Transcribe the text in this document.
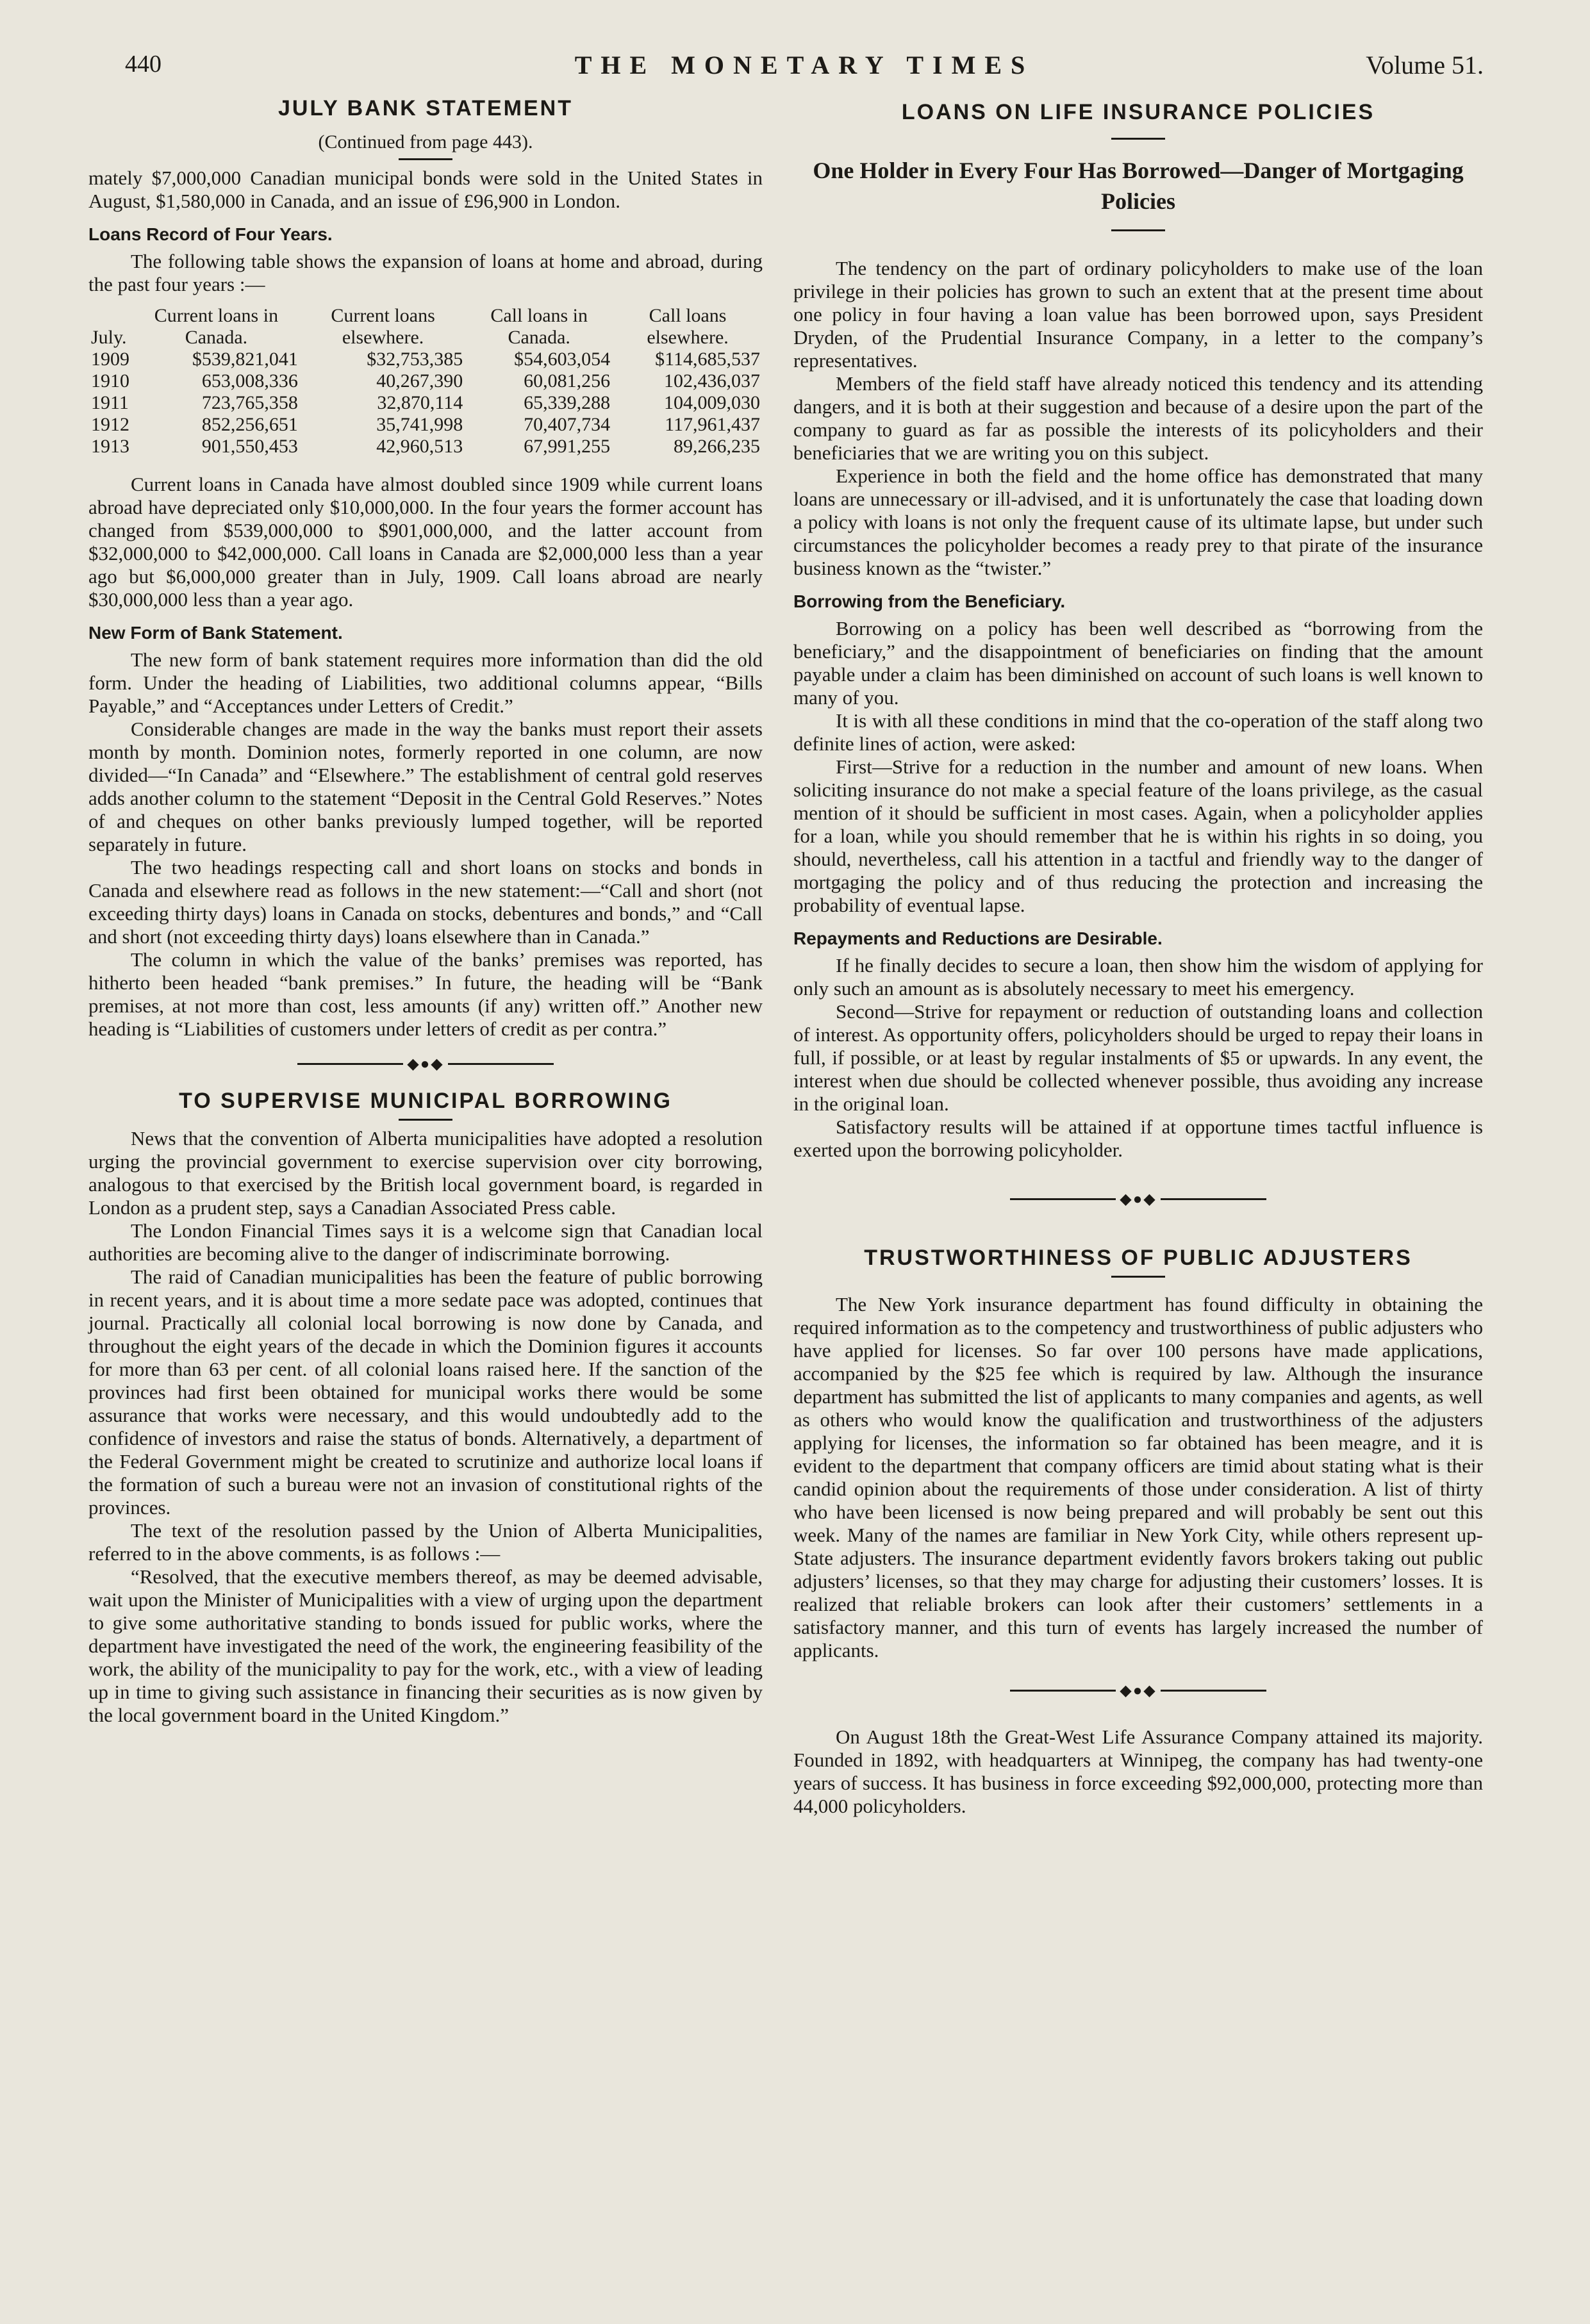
440	THE MONETARY TIMES	Volume 51.
JULY BANK STATEMENT
(Continued from page 443).

mately $7,000,000 Canadian municipal bonds were sold in the United States in August, $1,580,000 in Canada, and an issue of £96,900 in London.

Loans Record of Four Years.

The following table shows the expansion of loans at home and abroad, during the past four years :—

July.	Current loans in Canada.	Current loans elsewhere.	Call loans in Canada.	Call loans elsewhere.
1909	$539,821,041	$32,753,385	$54,603,054	$114,685,537
1910	653,008,336	40,267,390	60,081,256	102,436,037
1911	723,765,358	32,870,114	65,339,288	104,009,030
1912	852,256,651	35,741,998	70,407,734	117,961,437
1913	901,550,453	42,960,513	67,991,255	89,266,235

Current loans in Canada have almost doubled since 1909 while current loans abroad have depreciated only $10,000,000. In the four years the former account has changed from $539,000,000 to $901,000,000, and the latter account from $32,000,000 to $42,000,000. Call loans in Canada are $2,000,000 less than a year ago but $6,000,000 greater than in July, 1909. Call loans abroad are nearly $30,000,000 less than a year ago.

New Form of Bank Statement.

The new form of bank statement requires more information than did the old form. Under the heading of Liabilities, two additional columns appear, “Bills Payable,” and “Acceptances under Letters of Credit.”

Considerable changes are made in the way the banks must report their assets month by month. Dominion notes, formerly reported in one column, are now divided—“In Canada” and “Elsewhere.” The establishment of central gold reserves adds another column to the statement “Deposit in the Central Gold Reserves.” Notes of and cheques on other banks previously lumped together, will be reported separately in future.

The two headings respecting call and short loans on stocks and bonds in Canada and elsewhere read as follows in the new statement:—“Call and short (not exceeding thirty days) loans in Canada on stocks, debentures and bonds,” and “Call and short (not exceeding thirty days) loans elsewhere than in Canada.”

The column in which the value of the banks’ premises was reported, has hitherto been headed “bank premises.” In future, the heading will be “Bank premises, at not more than cost, less amounts (if any) written off.” Another new heading is “Liabilities of customers under letters of credit as per contra.”

◆●◆
TO SUPERVISE MUNICIPAL BORROWING

News that the convention of Alberta municipalities have adopted a resolution urging the provincial government to exercise supervision over city borrowing, analogous to that exercised by the British local government board, is regarded in London as a prudent step, says a Canadian Associated Press cable.

The London Financial Times says it is a welcome sign that Canadian local authorities are becoming alive to the danger of indiscriminate borrowing.

The raid of Canadian municipalities has been the feature of public borrowing in recent years, and it is about time a more sedate pace was adopted, continues that journal. Practically all colonial local borrowing is now done by Canada, and throughout the eight years of the decade in which the Dominion figures it accounts for more than 63 per cent. of all colonial loans raised here. If the sanction of the provinces had first been obtained for municipal works there would be some assurance that works were necessary, and this would undoubtedly add to the confidence of investors and raise the status of bonds. Alternatively, a department of the Federal Government might be created to scrutinize and authorize local loans if the formation of such a bureau were not an invasion of constitutional rights of the provinces.

The text of the resolution passed by the Union of Alberta Municipalities, referred to in the above comments, is as follows :—

“Resolved, that the executive members thereof, as may be deemed advisable, wait upon the Minister of Municipalities with a view of urging upon the department to give some authoritative standing to bonds issued for public works, where the department have investigated the need of the work, the engineering feasibility of the work, the ability of the municipality to pay for the work, etc., with a view of leading up in time to giving such assistance in financing their securities as is now given by the local government board in the United Kingdom.”

LOANS ON LIFE INSURANCE POLICIES
One Holder in Every Four Has Borrowed—Danger of Mortgaging Policies

The tendency on the part of ordinary policyholders to make use of the loan privilege in their policies has grown to such an extent that at the present time about one policy in four having a loan value has been borrowed upon, says President Dryden, of the Prudential Insurance Company, in a letter to the company’s representatives.

Members of the field staff have already noticed this tendency and its attending dangers, and it is both at their suggestion and because of a desire upon the part of the company to guard as far as possible the interests of its policyholders and their beneficiaries that we are writing you on this subject.

Experience in both the field and the home office has demonstrated that many loans are unnecessary or ill-advised, and it is unfortunately the case that loading down a policy with loans is not only the frequent cause of its ultimate lapse, but under such circumstances the policyholder becomes a ready prey to that pirate of the insurance business known as the “twister.”

Borrowing from the Beneficiary.

Borrowing on a policy has been well described as “borrowing from the beneficiary,” and the disappointment of beneficiaries on finding that the amount payable under a claim has been diminished on account of such loans is well known to many of you.

It is with all these conditions in mind that the co-operation of the staff along two definite lines of action, were asked:

First—Strive for a reduction in the number and amount of new loans. When soliciting insurance do not make a special feature of the loans privilege, as the casual mention of it should be sufficient in most cases. Again, when a policyholder applies for a loan, while you should remember that he is within his rights in so doing, you should, nevertheless, call his attention in a tactful and friendly way to the danger of mortgaging the policy and of thus reducing the protection and increasing the probability of eventual lapse.

Repayments and Reductions are Desirable.

If he finally decides to secure a loan, then show him the wisdom of applying for only such an amount as is absolutely necessary to meet his emergency.

Second—Strive for repayment or reduction of outstanding loans and collection of interest. As opportunity offers, policyholders should be urged to repay their loans in full, if possible, or at least by regular instalments of $5 or upwards. In any event, the interest when due should be collected whenever possible, thus avoiding any increase in the original loan.

Satisfactory results will be attained if at opportune times tactful influence is exerted upon the borrowing policyholder.

◆●◆
TRUSTWORTHINESS OF PUBLIC ADJUSTERS

The New York insurance department has found difficulty in obtaining the required information as to the competency and trustworthiness of public adjusters who have applied for licenses. So far over 100 persons have made applications, accompanied by the $25 fee which is required by law. Although the insurance department has submitted the list of applicants to many companies and agents, as well as others who would know the qualification and trustworthiness of the adjusters applying for licenses, the information so far obtained has been meagre, and it is evident to the department that company officers are timid about stating what is their candid opinion about the requirements of those under consideration. A list of thirty who have been licensed is now being prepared and will probably be sent out this week. Many of the names are familiar in New York City, while others represent up-State adjusters. The insurance department evidently favors brokers taking out public adjusters’ licenses, so that they may charge for adjusting their customers’ losses. It is realized that reliable brokers can look after their customers’ settlements in a satisfactory manner, and this turn of events has largely increased the number of applicants.

◆●◆

On August 18th the Great-West Life Assurance Company attained its majority. Founded in 1892, with headquarters at Winnipeg, the company has had twenty-one years of success. It has business in force exceeding $92,000,000, protecting more than 44,000 policyholders.
